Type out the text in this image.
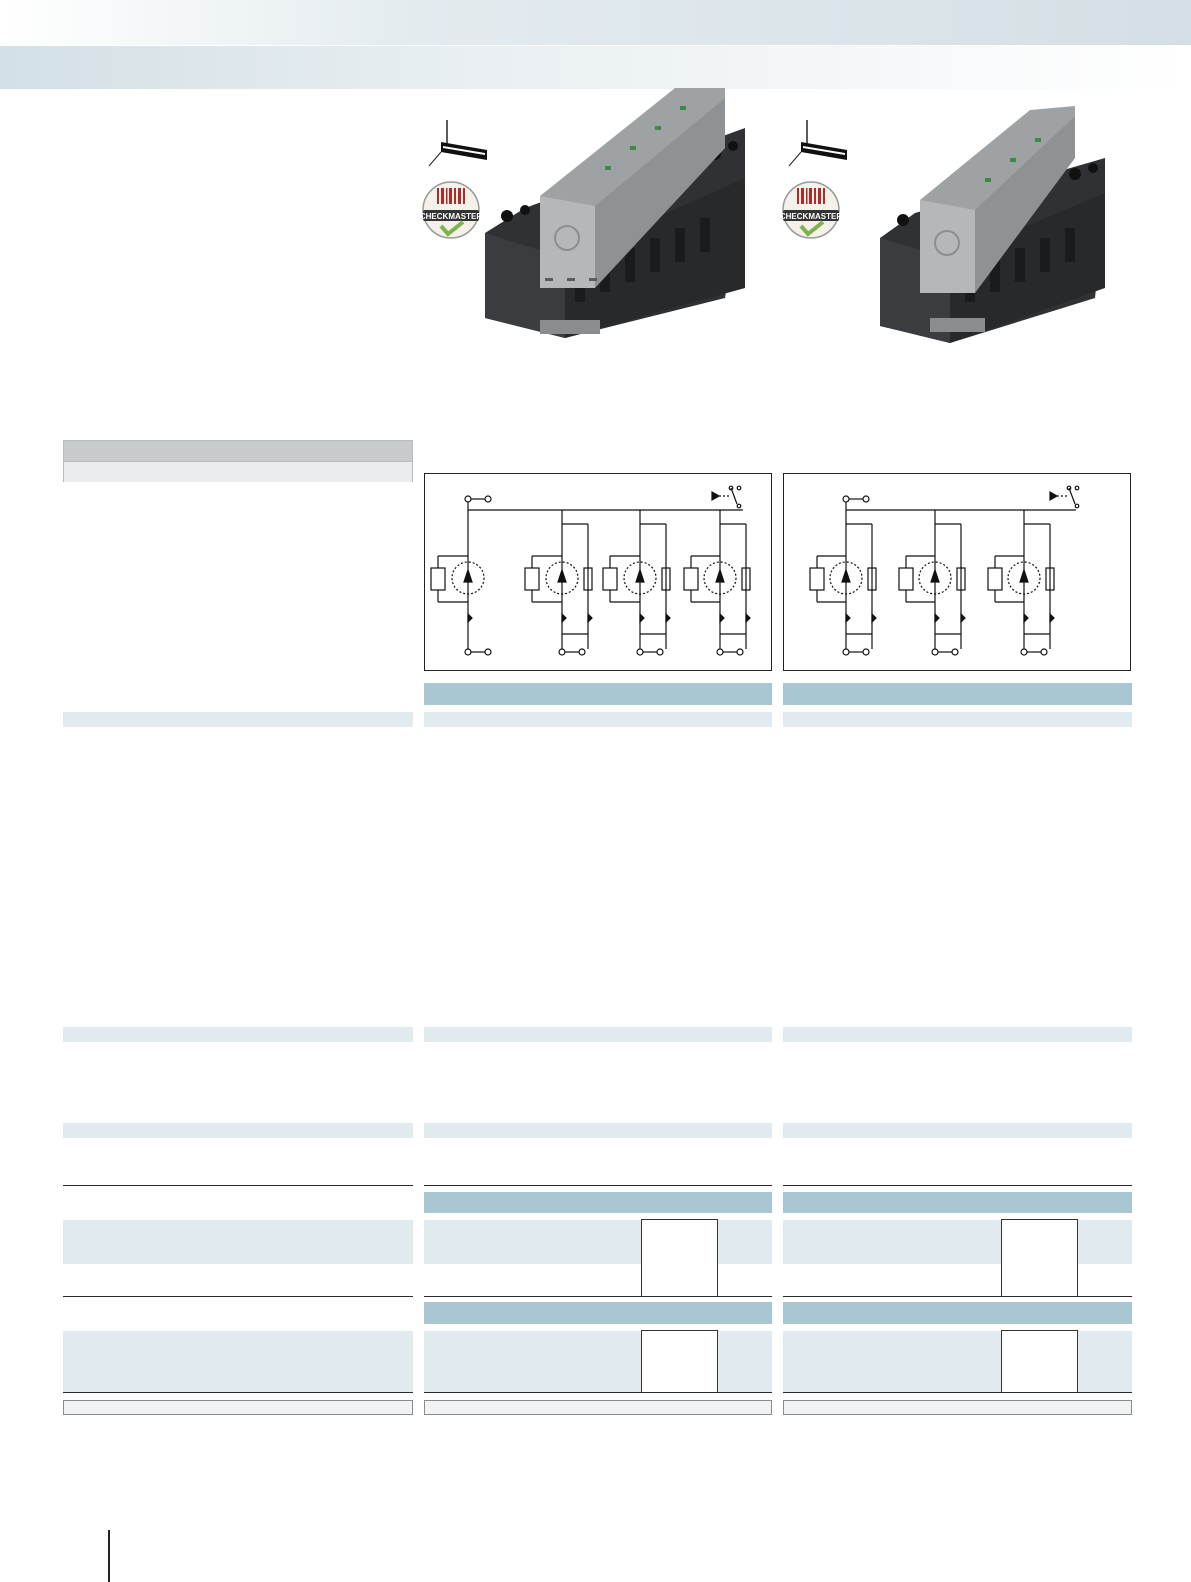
CHECKMASTER	CHECKMASTER
